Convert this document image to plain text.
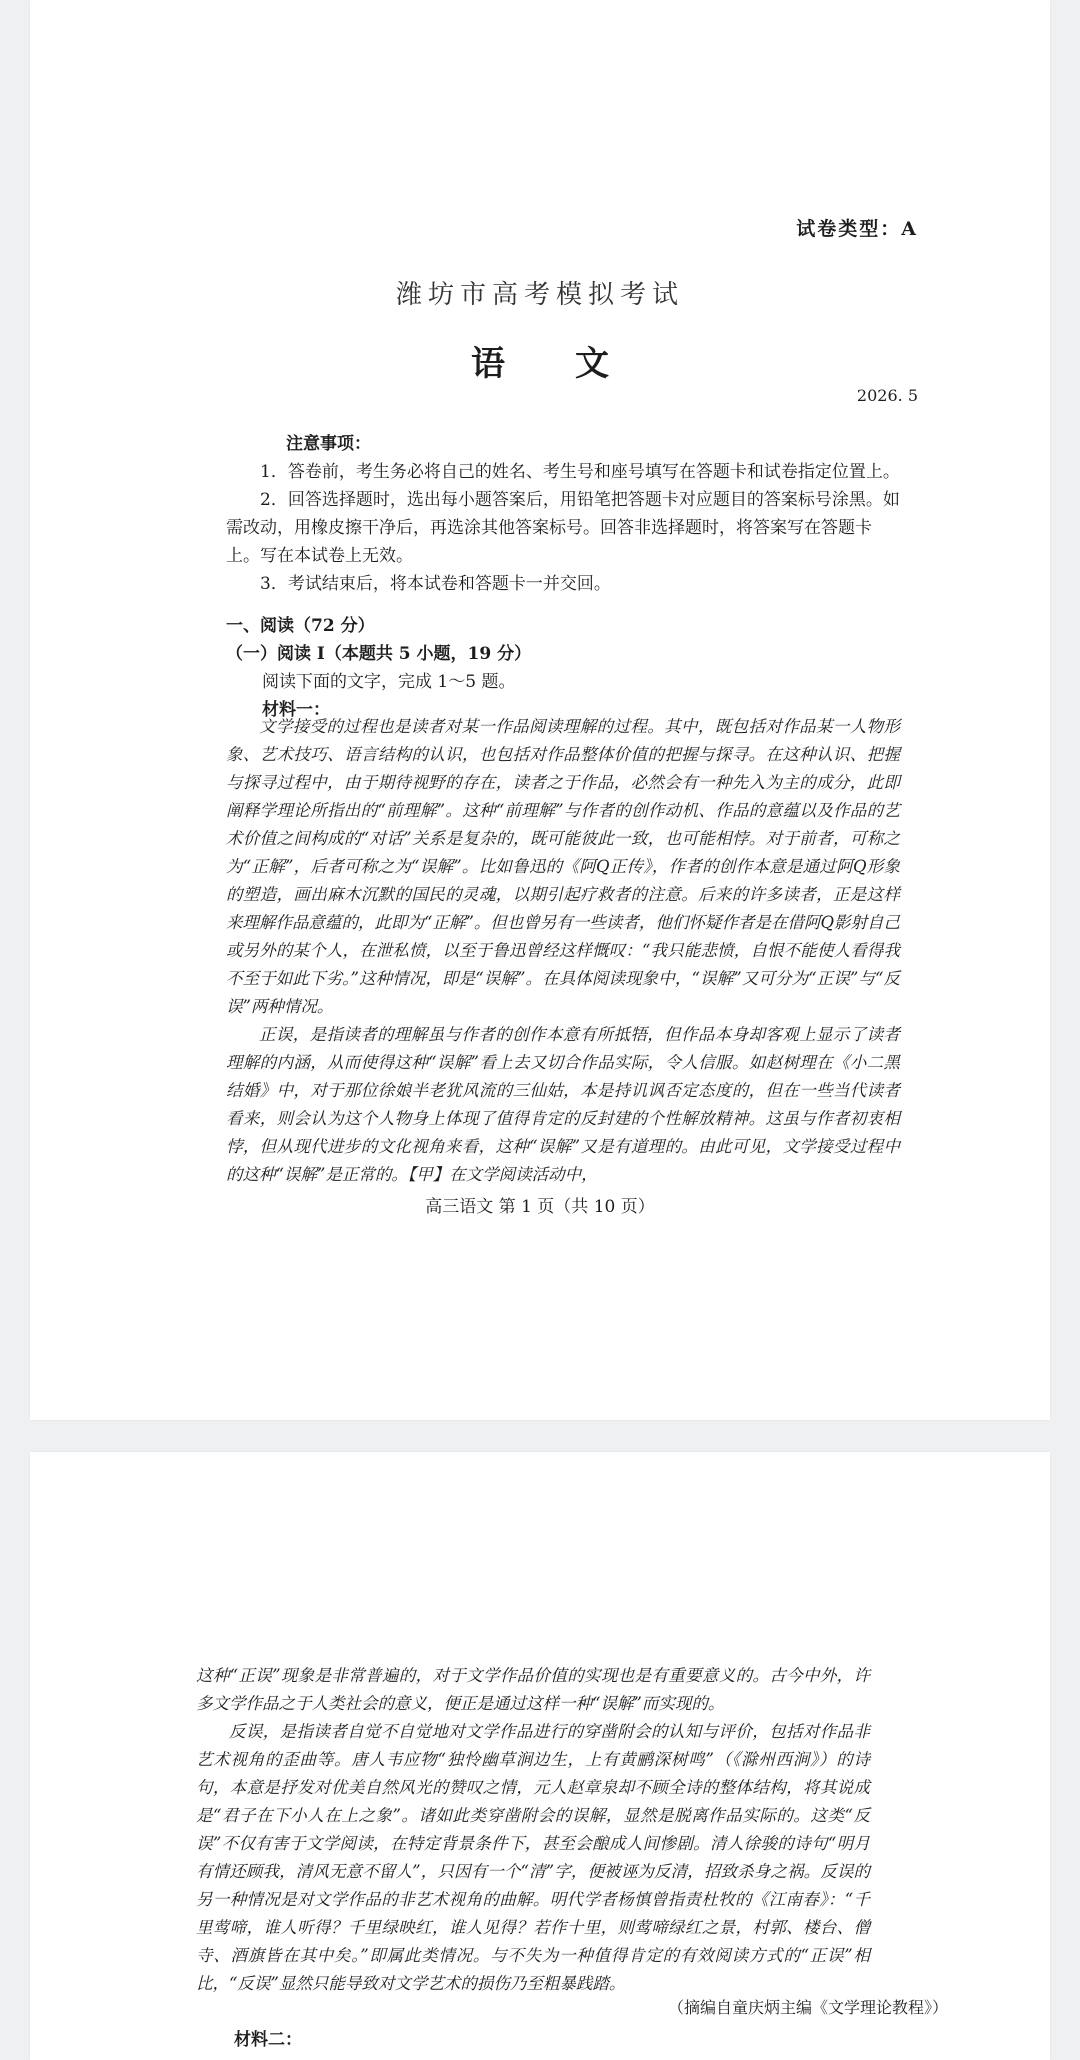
试卷类型：A
潍坊市高考模拟考试
语文
2026. 5
注意事项：

1．答卷前，考生务必将自己的姓名、考生号和座号填写在答题卡和试卷指定位置上。

2．回答选择题时，选出每小题答案后，用铅笔把答题卡对应题目的答案标号涂黑。如需改动，用橡皮擦干净后，再选涂其他答案标号。回答非选择题时，将答案写在答题卡上。写在本试卷上无效。

3．考试结束后，将本试卷和答题卡一并交回。

一、阅读（72 分）
（一）阅读 I（本题共 5 小题，19 分）
阅读下面的文字，完成 1～5 题。
材料一：

文学接受的过程也是读者对某一作品阅读理解的过程。其中，既包括对作品某一人物形象、艺术技巧、语言结构的认识，也包括对作品整体价值的把握与探寻。在这种认识、把握与探寻过程中，由于期待视野的存在，读者之于作品，必然会有一种先入为主的成分，此即阐释学理论所指出的“前理解”。这种“前理解”与作者的创作动机、作品的意蕴以及作品的艺术价值之间构成的“对话”关系是复杂的，既可能彼此一致，也可能相悖。对于前者，可称之为“正解”，后者可称之为“误解”。比如鲁迅的《阿Q正传》，作者的创作本意是通过阿Q形象的塑造，画出麻木沉默的国民的灵魂，以期引起疗救者的注意。后来的许多读者，正是这样来理解作品意蕴的，此即为“正解”。但也曾另有一些读者，他们怀疑作者是在借阿Q影射自己或另外的某个人，在泄私愤，以至于鲁迅曾经这样慨叹：“我只能悲愤，自恨不能使人看得我不至于如此下劣。”这种情况，即是“误解”。在具体阅读现象中，“误解”又可分为“正误”与“反误”两种情况。

正误，是指读者的理解虽与作者的创作本意有所抵牾，但作品本身却客观上显示了读者理解的内涵，从而使得这种“误解”看上去又切合作品实际，令人信服。如赵树理在《小二黑结婚》中，对于那位徐娘半老犹风流的三仙姑，本是持讥讽否定态度的，但在一些当代读者看来，则会认为这个人物身上体现了值得肯定的反封建的个性解放精神。这虽与作者初衷相悖，但从现代进步的文化视角来看，这种“误解”又是有道理的。由此可见，文学接受过程中的这种“误解”是正常的。【甲】在文学阅读活动中，

高三语文 第 1 页（共 10 页）

这种“正误”现象是非常普遍的，对于文学作品价值的实现也是有重要意义的。古今中外，许多文学作品之于人类社会的意义，便正是通过这样一种“误解”而实现的。

反误，是指读者自觉不自觉地对文学作品进行的穿凿附会的认知与评价，包括对作品非艺术视角的歪曲等。唐人韦应物“独怜幽草涧边生，上有黄鹂深树鸣”（《滁州西涧》）的诗句，本意是抒发对优美自然风光的赞叹之情，元人赵章泉却不顾全诗的整体结构，将其说成是“君子在下小人在上之象”。诸如此类穿凿附会的误解，显然是脱离作品实际的。这类“反误”不仅有害于文学阅读，在特定背景条件下，甚至会酿成人间惨剧。清人徐骏的诗句“明月有情还顾我，清风无意不留人”，只因有一个“清”字，便被诬为反清，招致杀身之祸。反误的另一种情况是对文学作品的非艺术视角的曲解。明代学者杨慎曾指责杜牧的《江南春》：“千里莺啼，谁人听得？千里绿映红，谁人见得？若作十里，则莺啼绿红之景，村郭、楼台、僧寺、酒旗皆在其中矣。”即属此类情况。与不失为一种值得肯定的有效阅读方式的“正误”相比，“反误”显然只能导致对文学艺术的损伤乃至粗暴践踏。

（摘编自童庆炳主编《文学理论教程》）
材料二：
